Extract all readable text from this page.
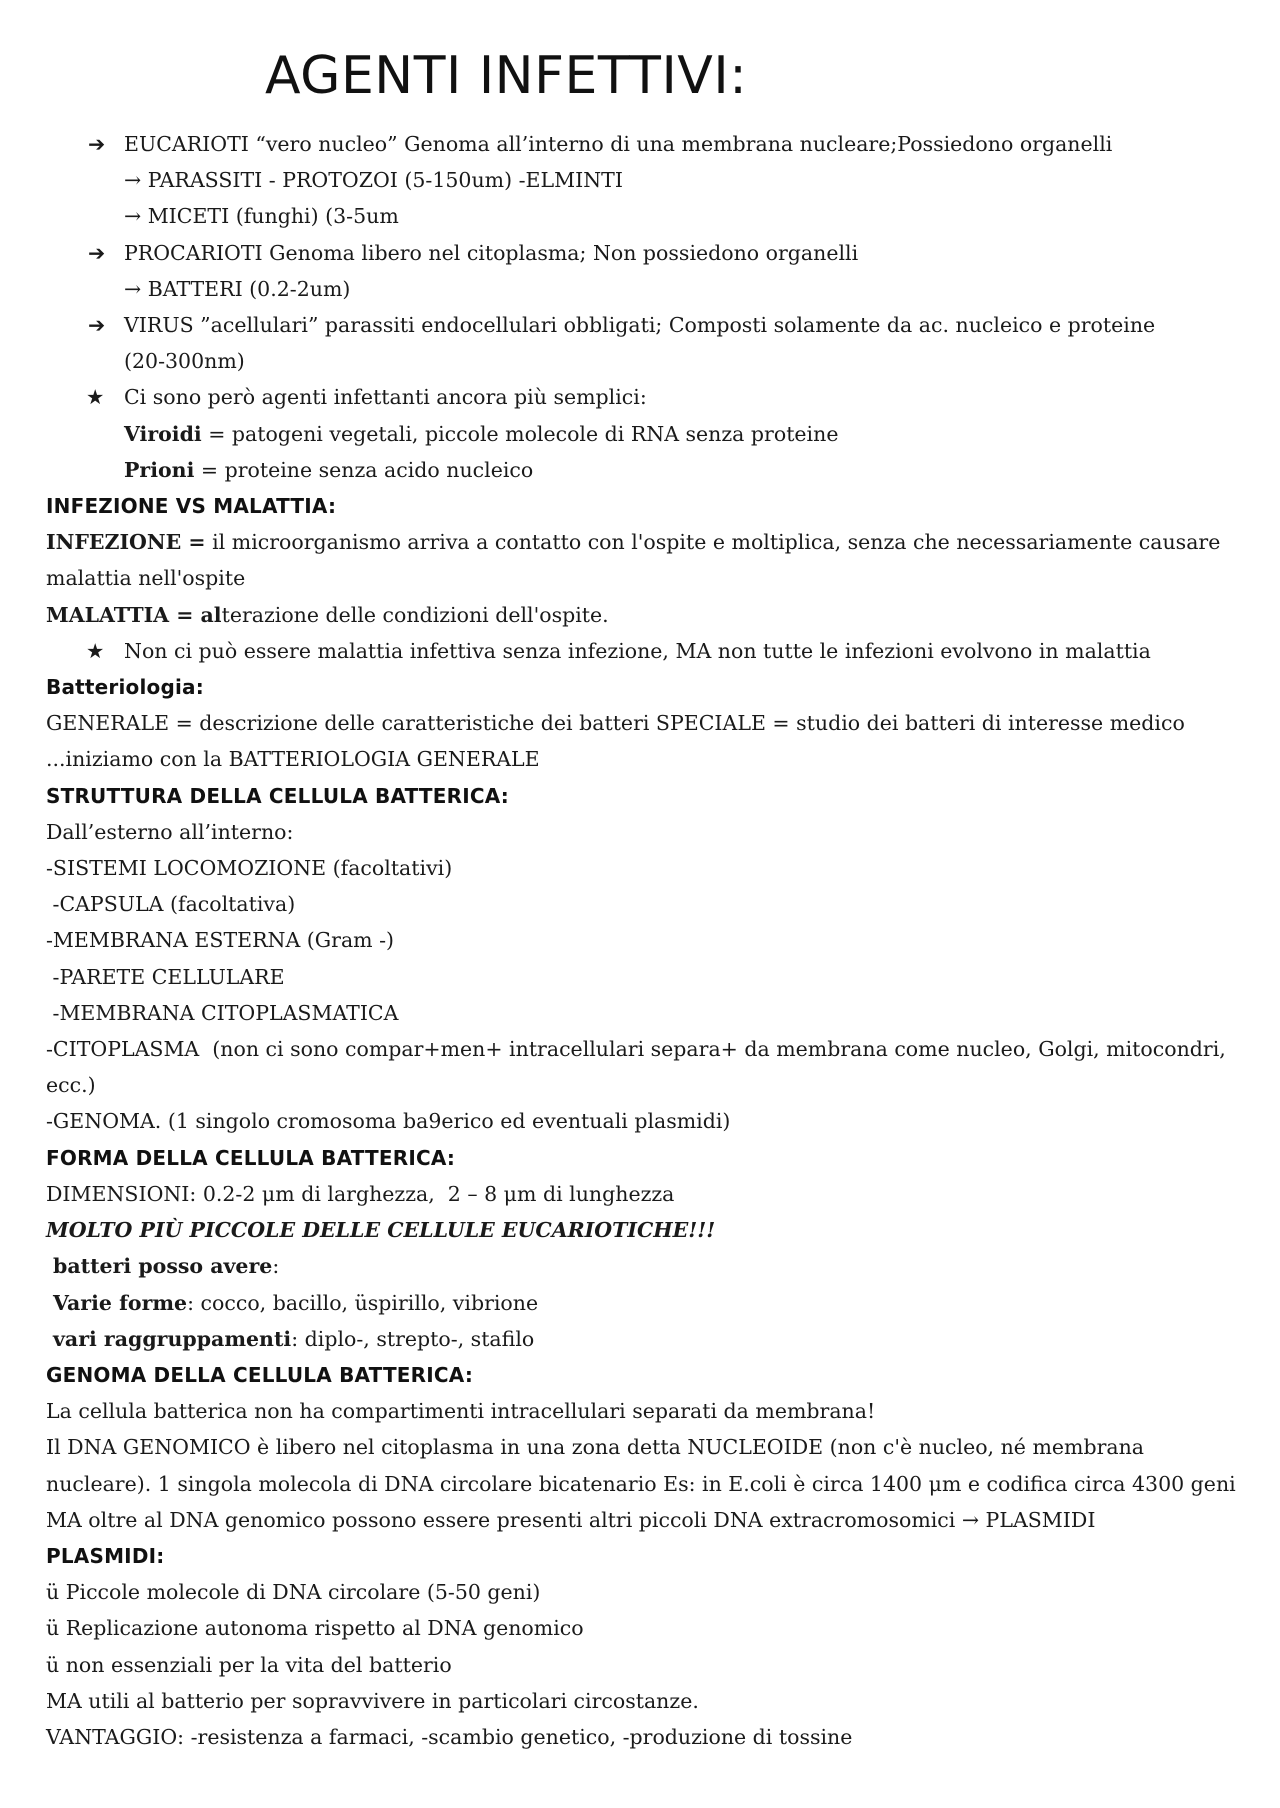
AGENTI INFETTIVI:
➔ EUCARIOTI “vero nucleo” Genoma all’interno di una membrana nucleare;Possiedono organelli
→ PARASSITI - PROTOZOI (5-150um) -ELMINTI
→ MICETI (funghi) (3-5um
➔ PROCARIOTI Genoma libero nel citoplasma; Non possiedono organelli
→ BATTERI (0.2-2um)
➔ VIRUS ”acellulari” parassiti endocellulari obbligati; Composti solamente da ac. nucleico e proteine
(20-300nm)
★ Ci sono però agenti infettanti ancora più semplici:
Viroidi = patogeni vegetali, piccole molecole di RNA senza proteine
Prioni = proteine senza acido nucleico
INFEZIONE VS MALATTIA:
INFEZIONE = il microorganismo arriva a contatto con l'ospite e moltiplica, senza che necessariamente causare
malattia nell'ospite
MALATTIA = alterazione delle condizioni dell'ospite.
★ Non ci può essere malattia infettiva senza infezione, MA non tutte le infezioni evolvono in malattia
Batteriologia:
GENERALE = descrizione delle caratteristiche dei batteri SPECIALE = studio dei batteri di interesse medico
...iniziamo con la BATTERIOLOGIA GENERALE
STRUTTURA DELLA CELLULA BATTERICA:
Dall’esterno all’interno:
-SISTEMI LOCOMOZIONE (facoltativi)
-CAPSULA (facoltativa)
-MEMBRANA ESTERNA (Gram -)
-PARETE CELLULARE
-MEMBRANA CITOPLASMATICA
-CITOPLASMA  (non ci sono compar+men+ intracellulari separa+ da membrana come nucleo, Golgi, mitocondri,
ecc.)
-GENOMA. (1 singolo cromosoma ba9erico ed eventuali plasmidi)
FORMA DELLA CELLULA BATTERICA:
DIMENSIONI: 0.2-2 μm di larghezza,  2 – 8 μm di lunghezza
MOLTO PIÙ PICCOLE DELLE CELLULE EUCARIOTICHE!!!
batteri posso avere:
Varie forme: cocco, bacillo, üspirillo, vibrione
vari raggruppamenti: diplo-, strepto-, stafilo
GENOMA DELLA CELLULA BATTERICA:
La cellula batterica non ha compartimenti intracellulari separati da membrana!
Il DNA GENOMICO è libero nel citoplasma in una zona detta NUCLEOIDE (non c'è nucleo, né membrana
nucleare). 1 singola molecola di DNA circolare bicatenario Es: in E.coli è circa 1400 μm e codifica circa 4300 geni
MA oltre al DNA genomico possono essere presenti altri piccoli DNA extracromosomici → PLASMIDI
PLASMIDI:
ü Piccole molecole di DNA circolare (5-50 geni)
ü Replicazione autonoma rispetto al DNA genomico
ü non essenziali per la vita del batterio
MA utili al batterio per sopravvivere in particolari circostanze.
VANTAGGIO: -resistenza a farmaci, -scambio genetico, -produzione di tossine
